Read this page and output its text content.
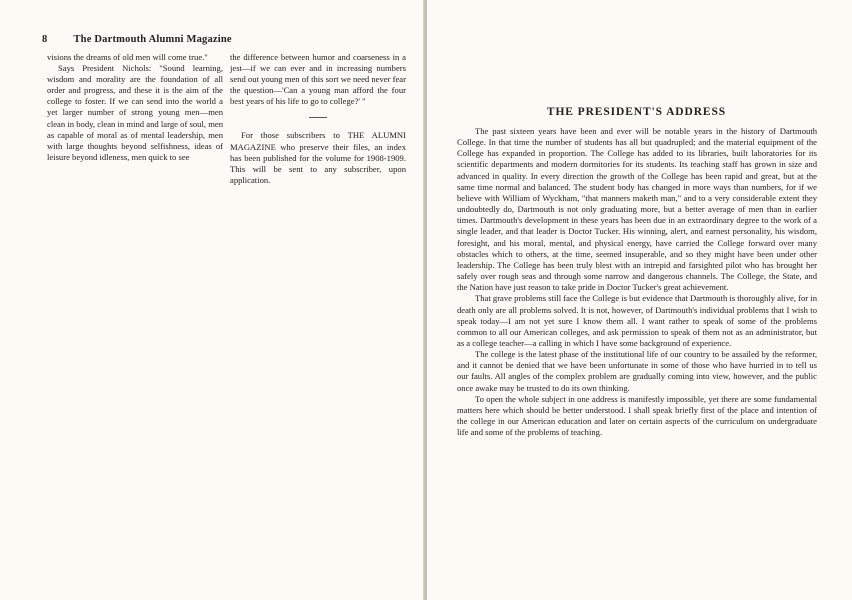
8 The Dartmouth Alumni Magazine

visions the dreams of old men will come true."

Says President Nichols: "Sound learning, wisdom and morality are the foundation of all order and progress, and these it is the aim of the college to foster. If we can send into the world a yet larger number of strong young men—men clean in body, clean in mind and large of soul, men as capable of moral as of mental leadership, men with large thoughts beyond selfishness, ideas of leisure beyond idleness, men quick to see

the difference between humor and coarseness in a jest—if we can ever and in increasing numbers send out young men of this sort we need never fear the question—'Can a young man afford the four best years of his life to go to college?' "

For those subscribers to THE ALUMNI MAGAZINE who preserve their files, an index has been published for the volume for 1908-1909. This will be sent to any subscriber, upon application.

THE PRESIDENT'S ADDRESS

The past sixteen years have been and ever will be notable years in the history of Dartmouth College. In that time the number of students has all but quadrupled; and the material equipment of the College has expanded in proportion. The College has added to its libraries, built laboratories for its scientific departments and modern dormitories for its students. Its teaching staff has grown in size and advanced in quality. In every direction the growth of the College has been rapid and great, but at the same time normal and balanced. The student body has changed in more ways than numbers, for if we believe with William of Wyckham, "that manners maketh man," and to a very considerable extent they undoubtedly do, Dartmouth is not only graduating more, but a better average of men than in earlier times. Dartmouth's development in these years has been due in an extraordinary degree to the work of a single leader, and that leader is Doctor Tucker. His winning, alert, and earnest personality, his wisdom, foresight, and his moral, mental, and physical energy, have carried the College forward over many obstacles which to others, at the time, seemed insuperable, and so they might have been under other leadership. The College has been truly blest with an intrepid and farsighted pilot who has brought her safely over rough seas and through some narrow and dangerous channels. The College, the State, and the Nation have just reason to take pride in Doctor Tucker's great achievement.

That grave problems still face the College is but evidence that Dartmouth is thoroughly alive, for in death only are all problems solved. It is not, however, of Dartmouth's individual problems that I wish to speak today—I am not yet sure I know them all. I want rather to speak of some of the problems common to all our American colleges, and ask permission to speak of them not as an administrator, but as a college teacher—a calling in which I have some background of experience.

The college is the latest phase of the institutional life of our country to be assailed by the reformer, and it cannot be denied that we have been unfortunate in some of those who have hurried in to tell us our faults. All angles of the complex problem are gradually coming into view, however, and the public once awake may be trusted to do its own thinking.

To open the whole subject in one address is manifestly impossible, yet there are some fundamental matters here which should be better understood. I shall speak briefly first of the place and intention of the college in our American education and later on certain aspects of the curriculum on undergraduate life and some of the problems of teaching.
